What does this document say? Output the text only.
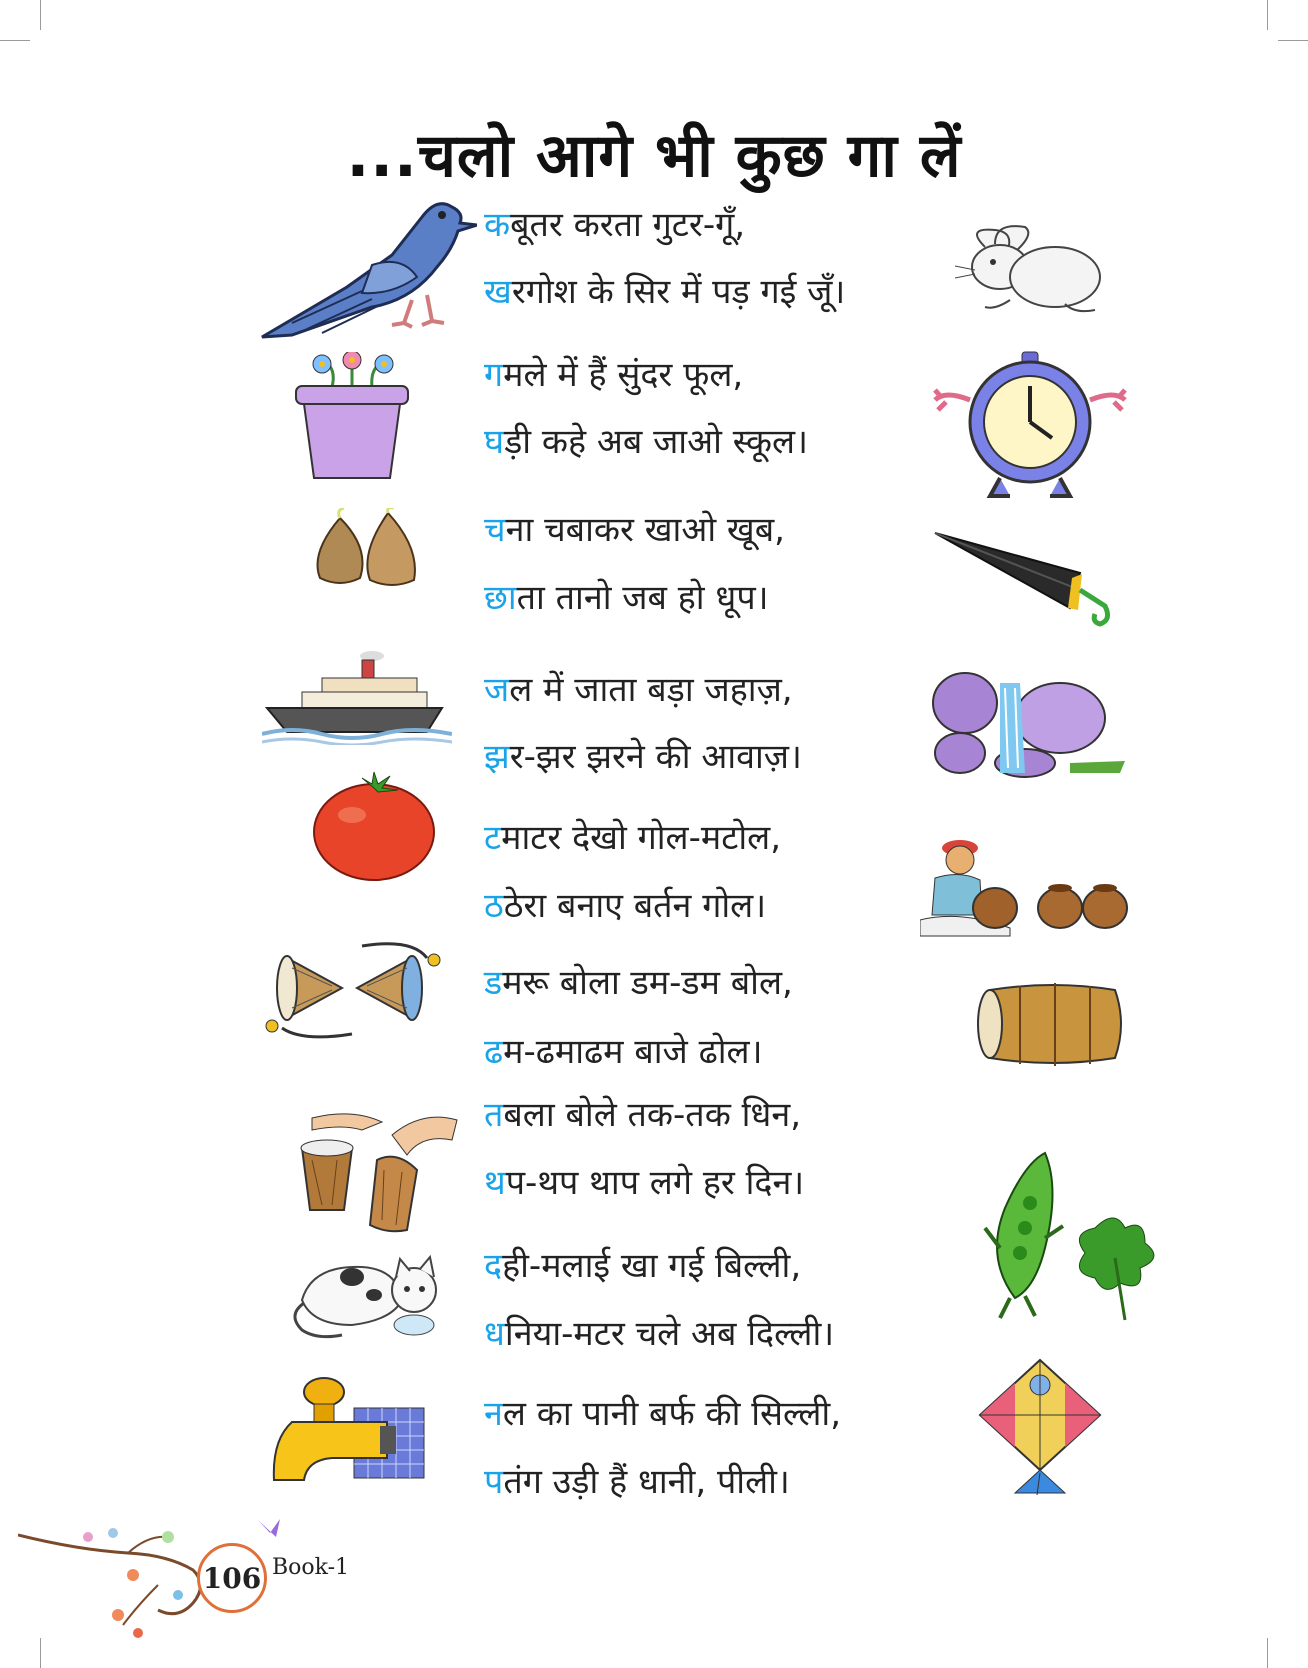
...चलो आगे भी कुछ गा लें
कबूतर करता गुटर-गूँ,
खरगोश के सिर में पड़ गई जूँ।
गमले में हैं सुंदर फूल,
घड़ी कहे अब जाओ स्कूल।
चना चबाकर खाओ खूब,
छाता तानो जब हो धूप।
जल में जाता बड़ा जहाज़,
झर-झर झरने की आवाज़।
टमाटर देखो गोल-मटोल,
ठठेरा बनाए बर्तन गोल।
डमरू बोला डम-डम बोल,
ढम-ढमाढम बाजे ढोल।
तबला बोले तक-तक धिन,
थप-थप थाप लगे हर दिन।
दही-मलाई खा गई बिल्ली,
धनिया-मटर चले अब दिल्ली।
नल का पानी बर्फ की सिल्ली,
पतंग उड़ी हैं धानी, पीली।
106 Book-1
